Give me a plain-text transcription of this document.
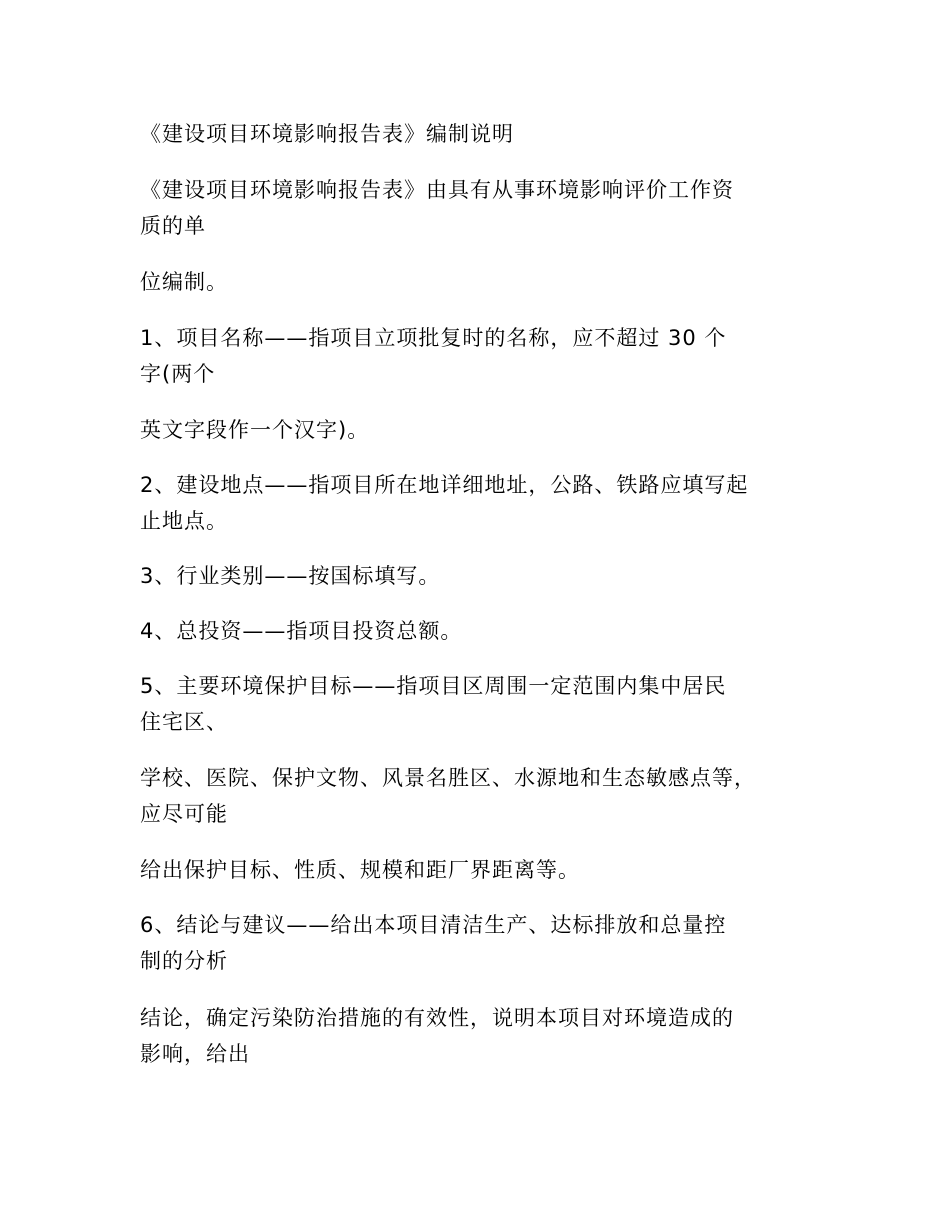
《建设项目环境影响报告表》编制说明

《建设项目环境影响报告表》由具有从事环境影响评价工作资
质的单

位编制。

1、项目名称——指项目立项批复时的名称，应不超过 30 个
字(两个

英文字段作一个汉字)。

2、建设地点——指项目所在地详细地址，公路、铁路应填写起
止地点。

3、行业类别——按国标填写。

4、总投资——指项目投资总额。

5、主要环境保护目标——指项目区周围一定范围内集中居民
住宅区、

学校、医院、保护文物、风景名胜区、水源地和生态敏感点等，
应尽可能

给出保护目标、性质、规模和距厂界距离等。

6、结论与建议——给出本项目清洁生产、达标排放和总量控
制的分析

结论，确定污染防治措施的有效性，说明本项目对环境造成的
影响，给出
